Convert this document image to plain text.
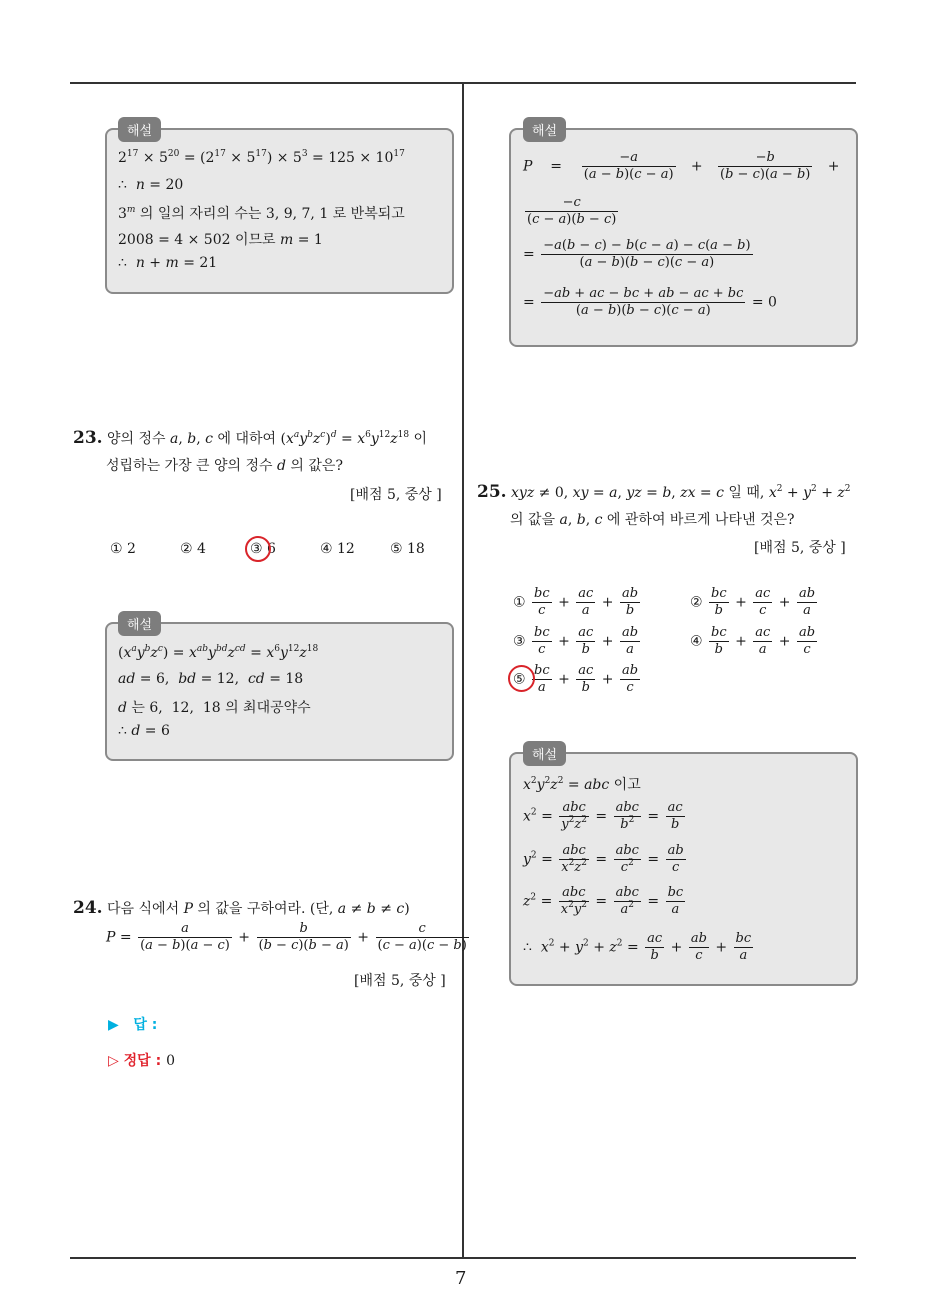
7
해설
$2^{17} \times 5^{20} = (2^{17} \times 5^{17}) \times 5^3 = 125 \times 10^{17}$
∴  n = 20
3$^m$ 의 일의 자리의 수는 3, 9, 7, 1 로 반복되고
2008 = 4 × 502 이므로 m = 1
∴  n + m = 21
23. 양의 정수 a, b, c 에 대하여 $(x^ay^bz^c)^d = x^6y^{12}z^{18}$ 이
성립하는 가장 큰 양의 정수 d 의 값은?
[배점 5, 중상 ]
① 2	② 4	③ 6	④ 12	⑤ 18
해설
$(x^ay^bz^c) = x^{ab}y^{bd}z^{cd} = x^6y^{12}z^{18}$
ad = 6,  bd = 12,  cd = 18
d 는 6,  12,  18 의 최대공약수
∴ d = 6
24. 다음 식에서 P 의 값을 구하여라. (단, a ≠ b ≠ c)
$P = \frac{a}{(a - b)(a - c)} + \frac{b}{(b - c)(b - a)} + \frac{c}{(c - a)(c - b)}$
[배점 5, 중상 ]
▶ 답 :
▷ 정답 : 0
해설
P    = $\frac{-a}{(a - b)(c - a)} + \frac{-b}{(b - c)(a - b)}$ +
$\frac{-c}{(c - a)(b - c)}$
= $\frac{-a(b - c) - b(c - a) - c(a - b)}{(a - b)(b - c)(c - a)}$
= $\frac{-ab + ac - bc + ab - ac + bc}{(a - b)(b - c)(c - a)} = 0$
25. xyz ≠ 0, xy = a, yz = b, zx = c 일 때, $x^2 + y^2 + z^2$
의 값을 a, b, c 에 관하여 바르게 나타낸 것은?
[배점 5, 중상 ]
① $\frac{bc}{c} + \frac{ac}{a} + \frac{ab}{b}$	② $\frac{bc}{b} + \frac{ac}{c} + \frac{ab}{a}$
③ $\frac{bc}{c} + \frac{ac}{b} + \frac{ab}{a}$	④ $\frac{bc}{b} + \frac{ac}{a} + \frac{ab}{c}$
⑤ $\frac{bc}{a} + \frac{ac}{b} + \frac{ab}{c}$
해설
$x^2y^2z^2$ = abc 이고
$x^2 = \frac{\text{abc}}{y^2z^2} = \frac{\text{abc}}{b^2} = \frac{ac}{b}$
$y^2 = \frac{\text{abc}}{x^2z^2} = \frac{\text{abc}}{c^2} = \frac{ab}{c}$
$z^2 = \frac{\text{abc}}{x^2y^2} = \frac{\text{abc}}{a^2} = \frac{bc}{a}$
∴  $x^2 + y^2 + z^2 = \frac{ac}{b} + \frac{ab}{c} + \frac{bc}{a}$
